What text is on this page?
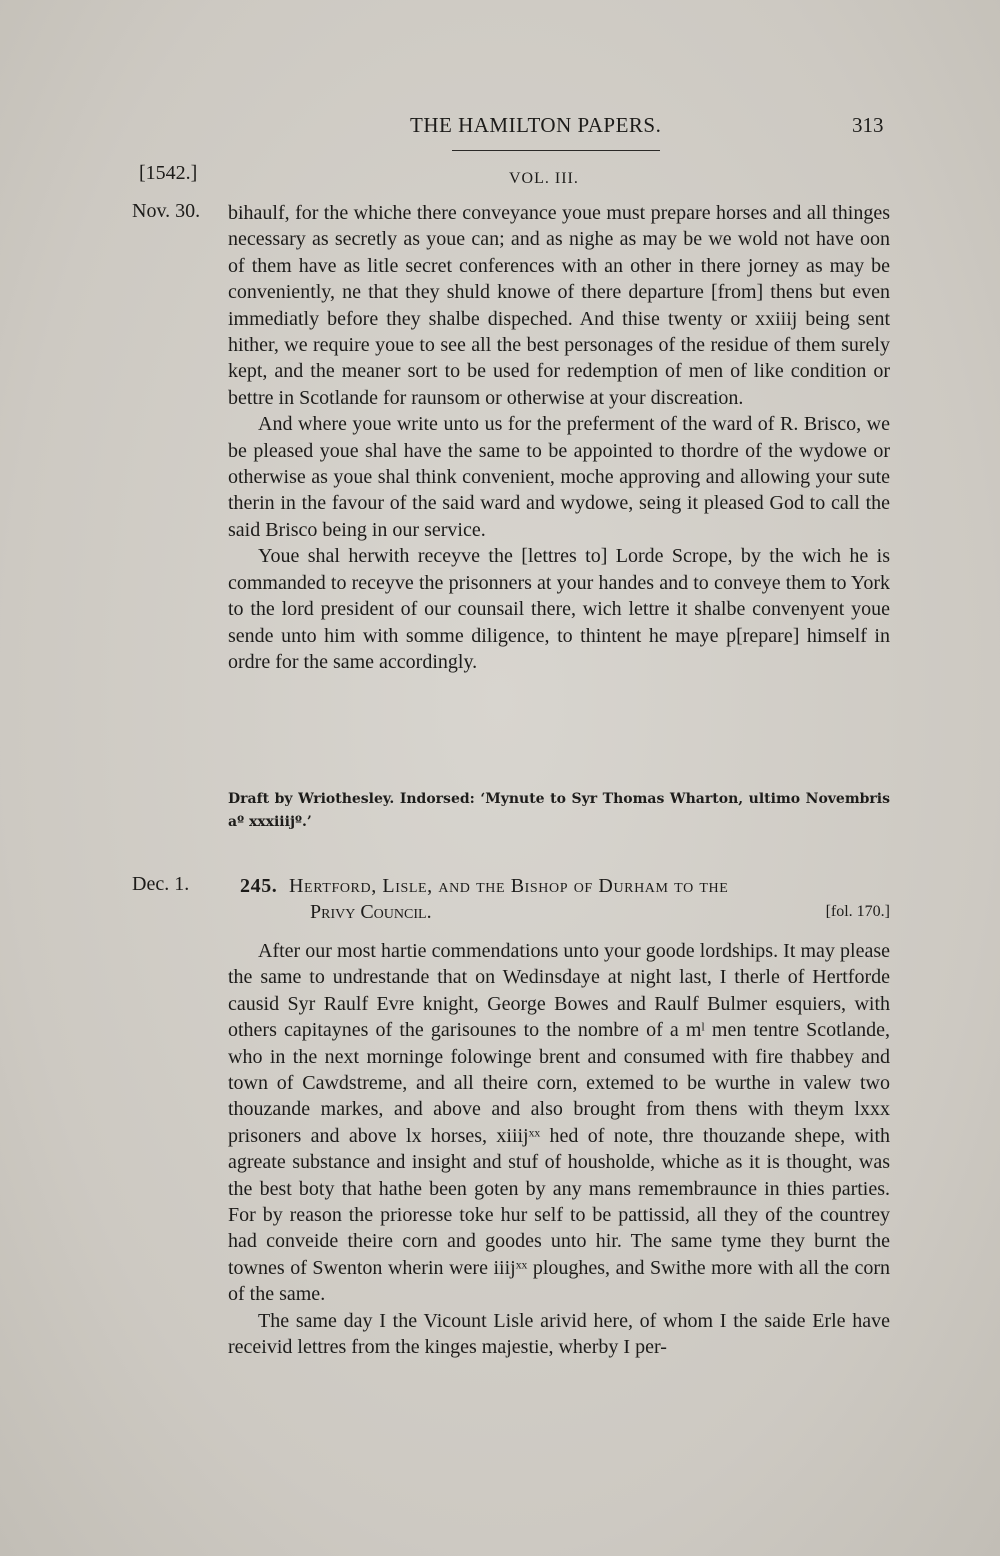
THE HAMILTON PAPERS.	313
[1542.]	VOL. III.
Nov. 30. bihaulf, for the whiche there conveyance youe must prepare horses and all thinges necessary as secretly as youe can; and as nighe as may be we wold not have oon of them have as litle secret conferences with an other in there jorney as may be conveniently, ne that they shuld knowe of there departure [from] thens but even immediatly before they shalbe dispeched. And thise twenty or xxiiij being sent hither, we require youe to see all the best personages of the residue of them surely kept, and the meaner sort to be used for redemption of men of like condition or bettre in Scotlande for raunsom or otherwise at your discreation.

And where youe write unto us for the preferment of the ward of R. Brisco, we be pleased youe shal have the same to be appointed to thordre of the wydowe or otherwise as youe shal think convenient, moche approving and allowing your sute therin in the favour of the said ward and wydowe, seing it pleased God to call the said Brisco being in our service.

Youe shal herwith receyve the [lettres to] Lorde Scrope, by the wich he is commanded to receyve the prisonners at your handes and to conveye them to York to the lord president of our counsail there, wich lettre it shalbe convenyent youe sende unto him with somme diligence, to thintent he maye p[repare] himself in ordre for the same accordingly.

Draft by Wriothesley. Indorsed: ‘Mynute to Syr Thomas Wharton, ultimo Novembris aº xxxiiijº.’
Dec. 1.	245. Hertford, Lisle, and the Bishop of Durham to the
Privy Council.	[fol. 170.]

After our most hartie commendations unto your goode lordships. It may please the same to undrestande that on Wedinsdaye at night last, I therle of Hertforde causid Syr Raulf Evre knight, George Bowes and Raulf Bulmer esquiers, with others capitaynes of the garisounes to the nombre of a mˡ men tentre Scotlande, who in the next morninge folowinge brent and consumed with fire thabbey and town of Cawdstreme, and all theire corn, extemed to be wurthe in valew two thouzande markes, and above and also brought from thens with theym lxxx prisoners and above lx horses, xiiijˣˣ hed of note, thre thouzande shepe, with agreate substance and insight and stuf of housholde, whiche as it is thought, was the best boty that hathe been goten by any mans remembraunce in thies parties. For by reason the prioresse toke hur self to be pattissid, all they of the countrey had conveide theire corn and goodes unto hir. The same tyme they burnt the townes of Swenton wherin were iiijˣˣ ploughes, and Swithe more with all the corn of the same.

The same day I the Vicount Lisle arivid here, of whom I the saide Erle have receivid lettres from the kinges majestie, wherby I per-
